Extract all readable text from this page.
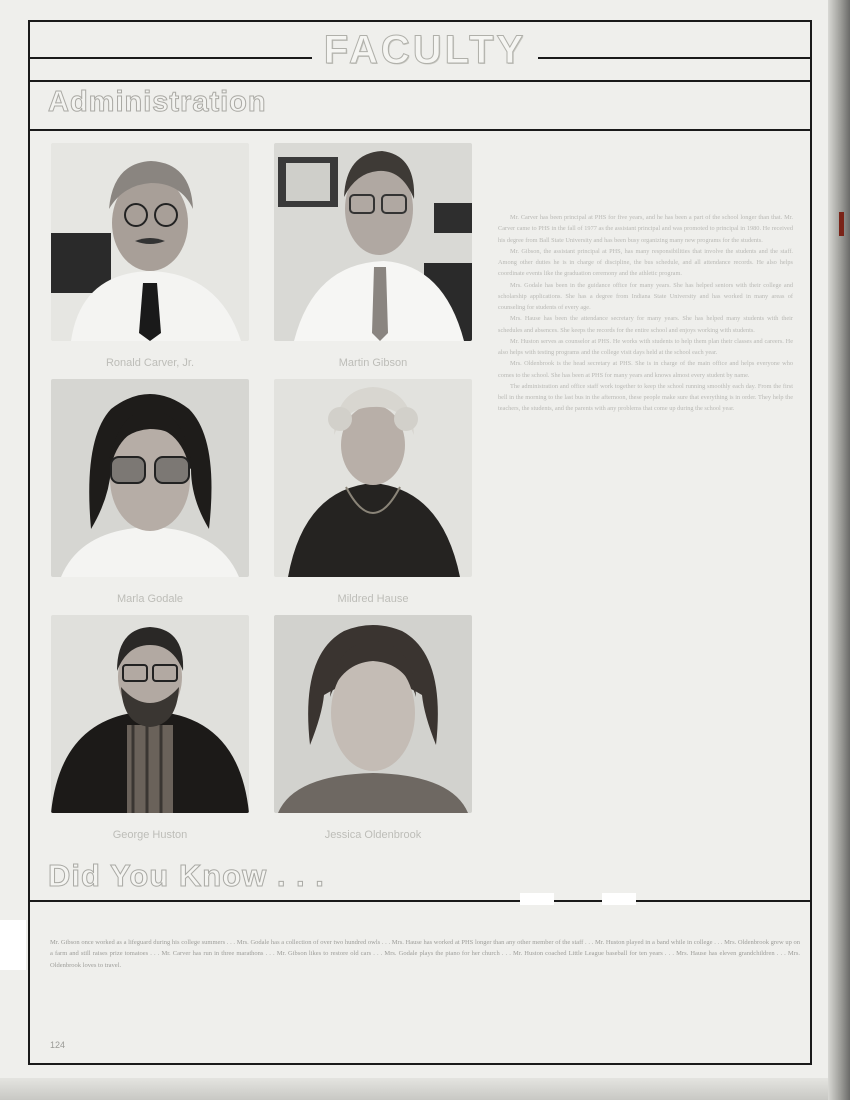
FACULTY
Administration
Ronald Carver, Jr.	Martin Gibson
Marla Godale	Mildred Hause
George Huston	Jessica Oldenbrook

Mr. Carver has been principal at PHS for five years, and he has been a part of the school longer than that. Mr. Carver came to PHS in the fall of 1977 as the assistant principal and was promoted to principal in 1980. He received his degree from Ball State University and has been busy organizing many new programs for the students.

Mr. Gibson, the assistant principal at PHS, has many responsibilities that involve the students and the staff. Among other duties he is in charge of discipline, the bus schedule, and all attendance records. He also helps coordinate events like the graduation ceremony and the athletic program.

Mrs. Godale has been in the guidance office for many years. She has helped seniors with their college and scholarship applications. She has a degree from Indiana State University and has worked in many areas of counseling for students of every age.

Mrs. Hause has been the attendance secretary for many years. She has helped many students with their schedules and absences. She keeps the records for the entire school and enjoys working with students.

Mr. Huston serves as counselor at PHS. He works with students to help them plan their classes and careers. He also helps with testing programs and the college visit days held at the school each year.

Mrs. Oldenbrook is the head secretary at PHS. She is in charge of the main office and helps everyone who comes to the school. She has been at PHS for many years and knows almost every student by name.

The administration and office staff work together to keep the school running smoothly each day. From the first bell in the morning to the last bus in the afternoon, these people make sure that everything is in order. They help the teachers, the students, and the parents with any problems that come up during the school year.

Did You Know . . .
Mr. Gibson once worked as a lifeguard during his college summers . . . Mrs. Godale has a collection of over two hundred owls . . . Mrs. Hause has worked at PHS longer than any other member of the staff . . . Mr. Huston played in a band while in college . . . Mrs. Oldenbrook grew up on a farm and still raises prize tomatoes . . . Mr. Carver has run in three marathons . . . Mr. Gibson likes to restore old cars . . . Mrs. Godale plays the piano for her church . . . Mr. Huston coached Little League baseball for ten years . . . Mrs. Hause has eleven grandchildren . . . Mrs. Oldenbrook loves to travel.
124
